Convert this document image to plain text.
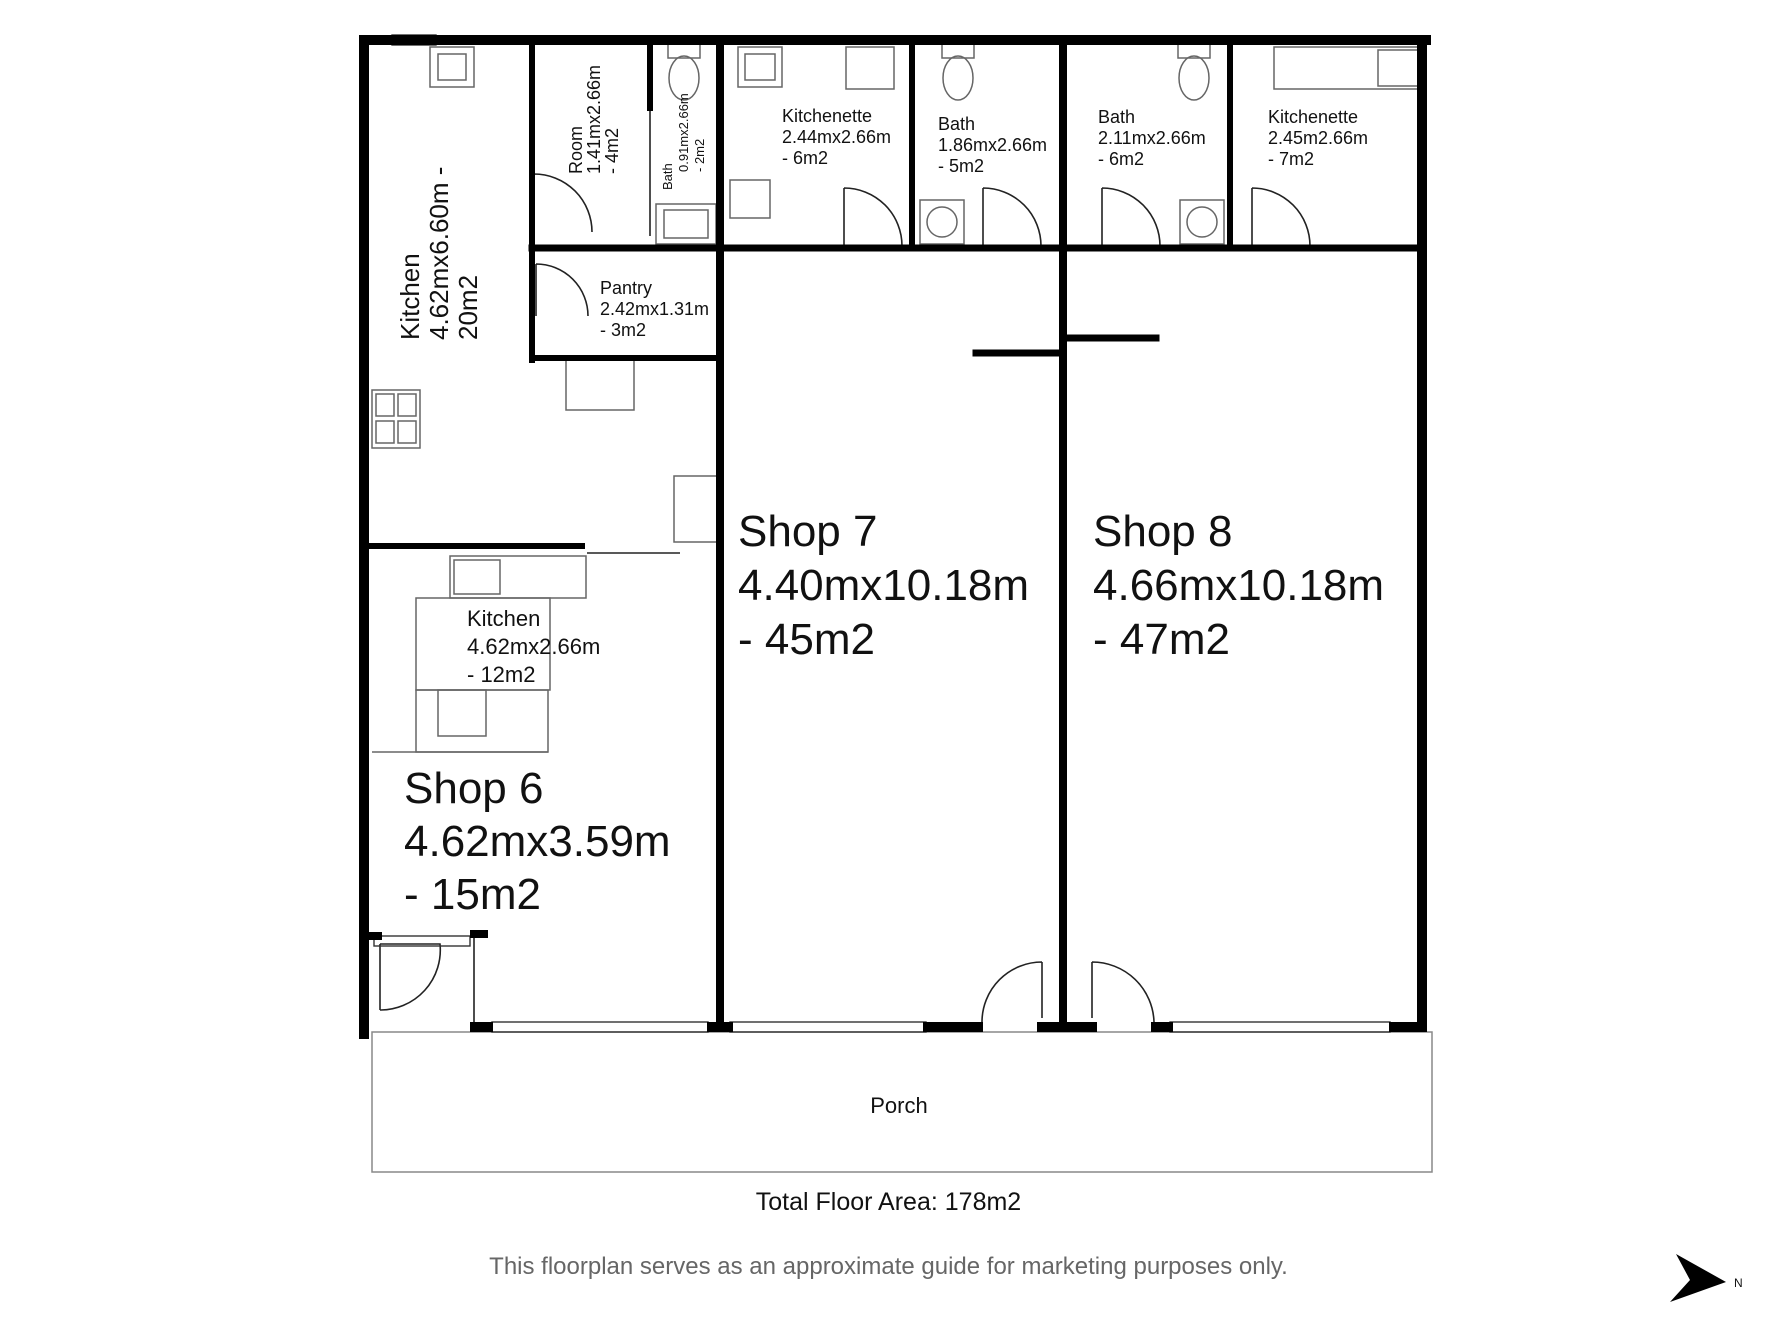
Kitchen 4.62mx6.60m - 20m2
Room
1.41mx2.66m
- 4m2
Bath
0.91mx2.66m - 2m2
Kitchenette
2.44mx2.66m
- 6m2
Bath
1.86mx2.66m
- 5m2
Bath
2.11mx2.66m
- 6m2
Kitchenette
2.45m2.66m
- 7m2
Pantry
2.42mx1.31m
- 3m2
Kitchen
4.62mx2.66m
- 12m2
Shop 6
4.62mx3.59m
- 15m2
Shop 7
4.40mx10.18m
- 45m2
Shop 8
4.66mx10.18m
- 47m2
Porch
N
Total Floor Area: 178m2
This floorplan serves as an approximate guide for marketing purposes only.
